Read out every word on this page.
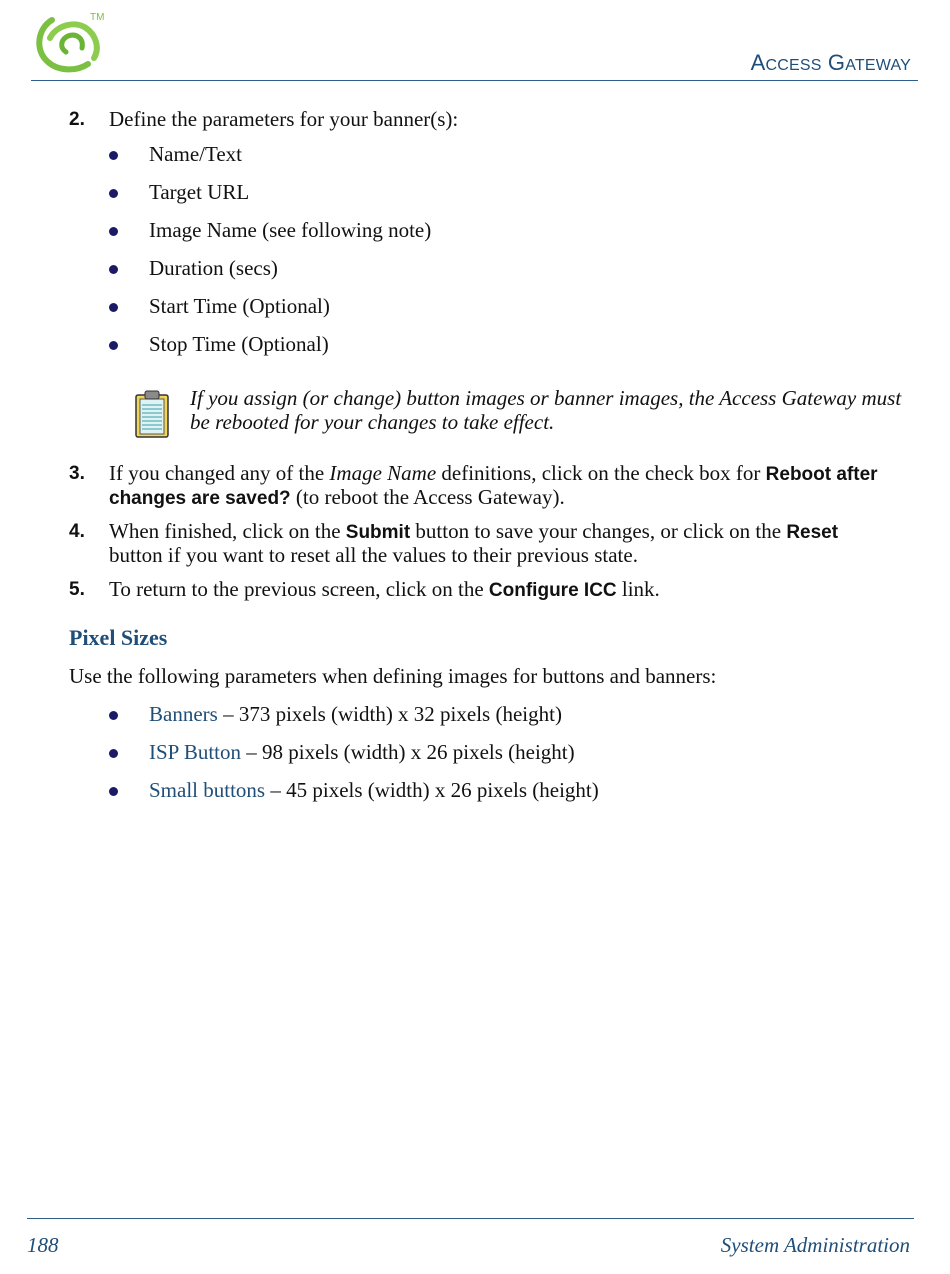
TM
ACCESS GATEWAY
2. Define the parameters for your banner(s):
Name/Text
Target URL
Image Name (see following note)
Duration (secs)
Start Time (Optional)
Stop Time (Optional)
If you assign (or change) button images or banner images, the Access Gateway must be rebooted for your changes to take effect.
3. If you changed any of the Image Name definitions, click on the check box for Reboot after changes are saved? (to reboot the Access Gateway).
4. When finished, click on the Submit button to save your changes, or click on the Reset button if you want to reset all the values to their previous state.
5. To return to the previous screen, click on the Configure ICC link.
Pixel Sizes
Use the following parameters when defining images for buttons and banners:
Banners – 373 pixels (width) x 32 pixels (height)
ISP Button – 98 pixels (width) x 26 pixels (height)
Small buttons – 45 pixels (width) x 26 pixels (height)
188	System Administration
